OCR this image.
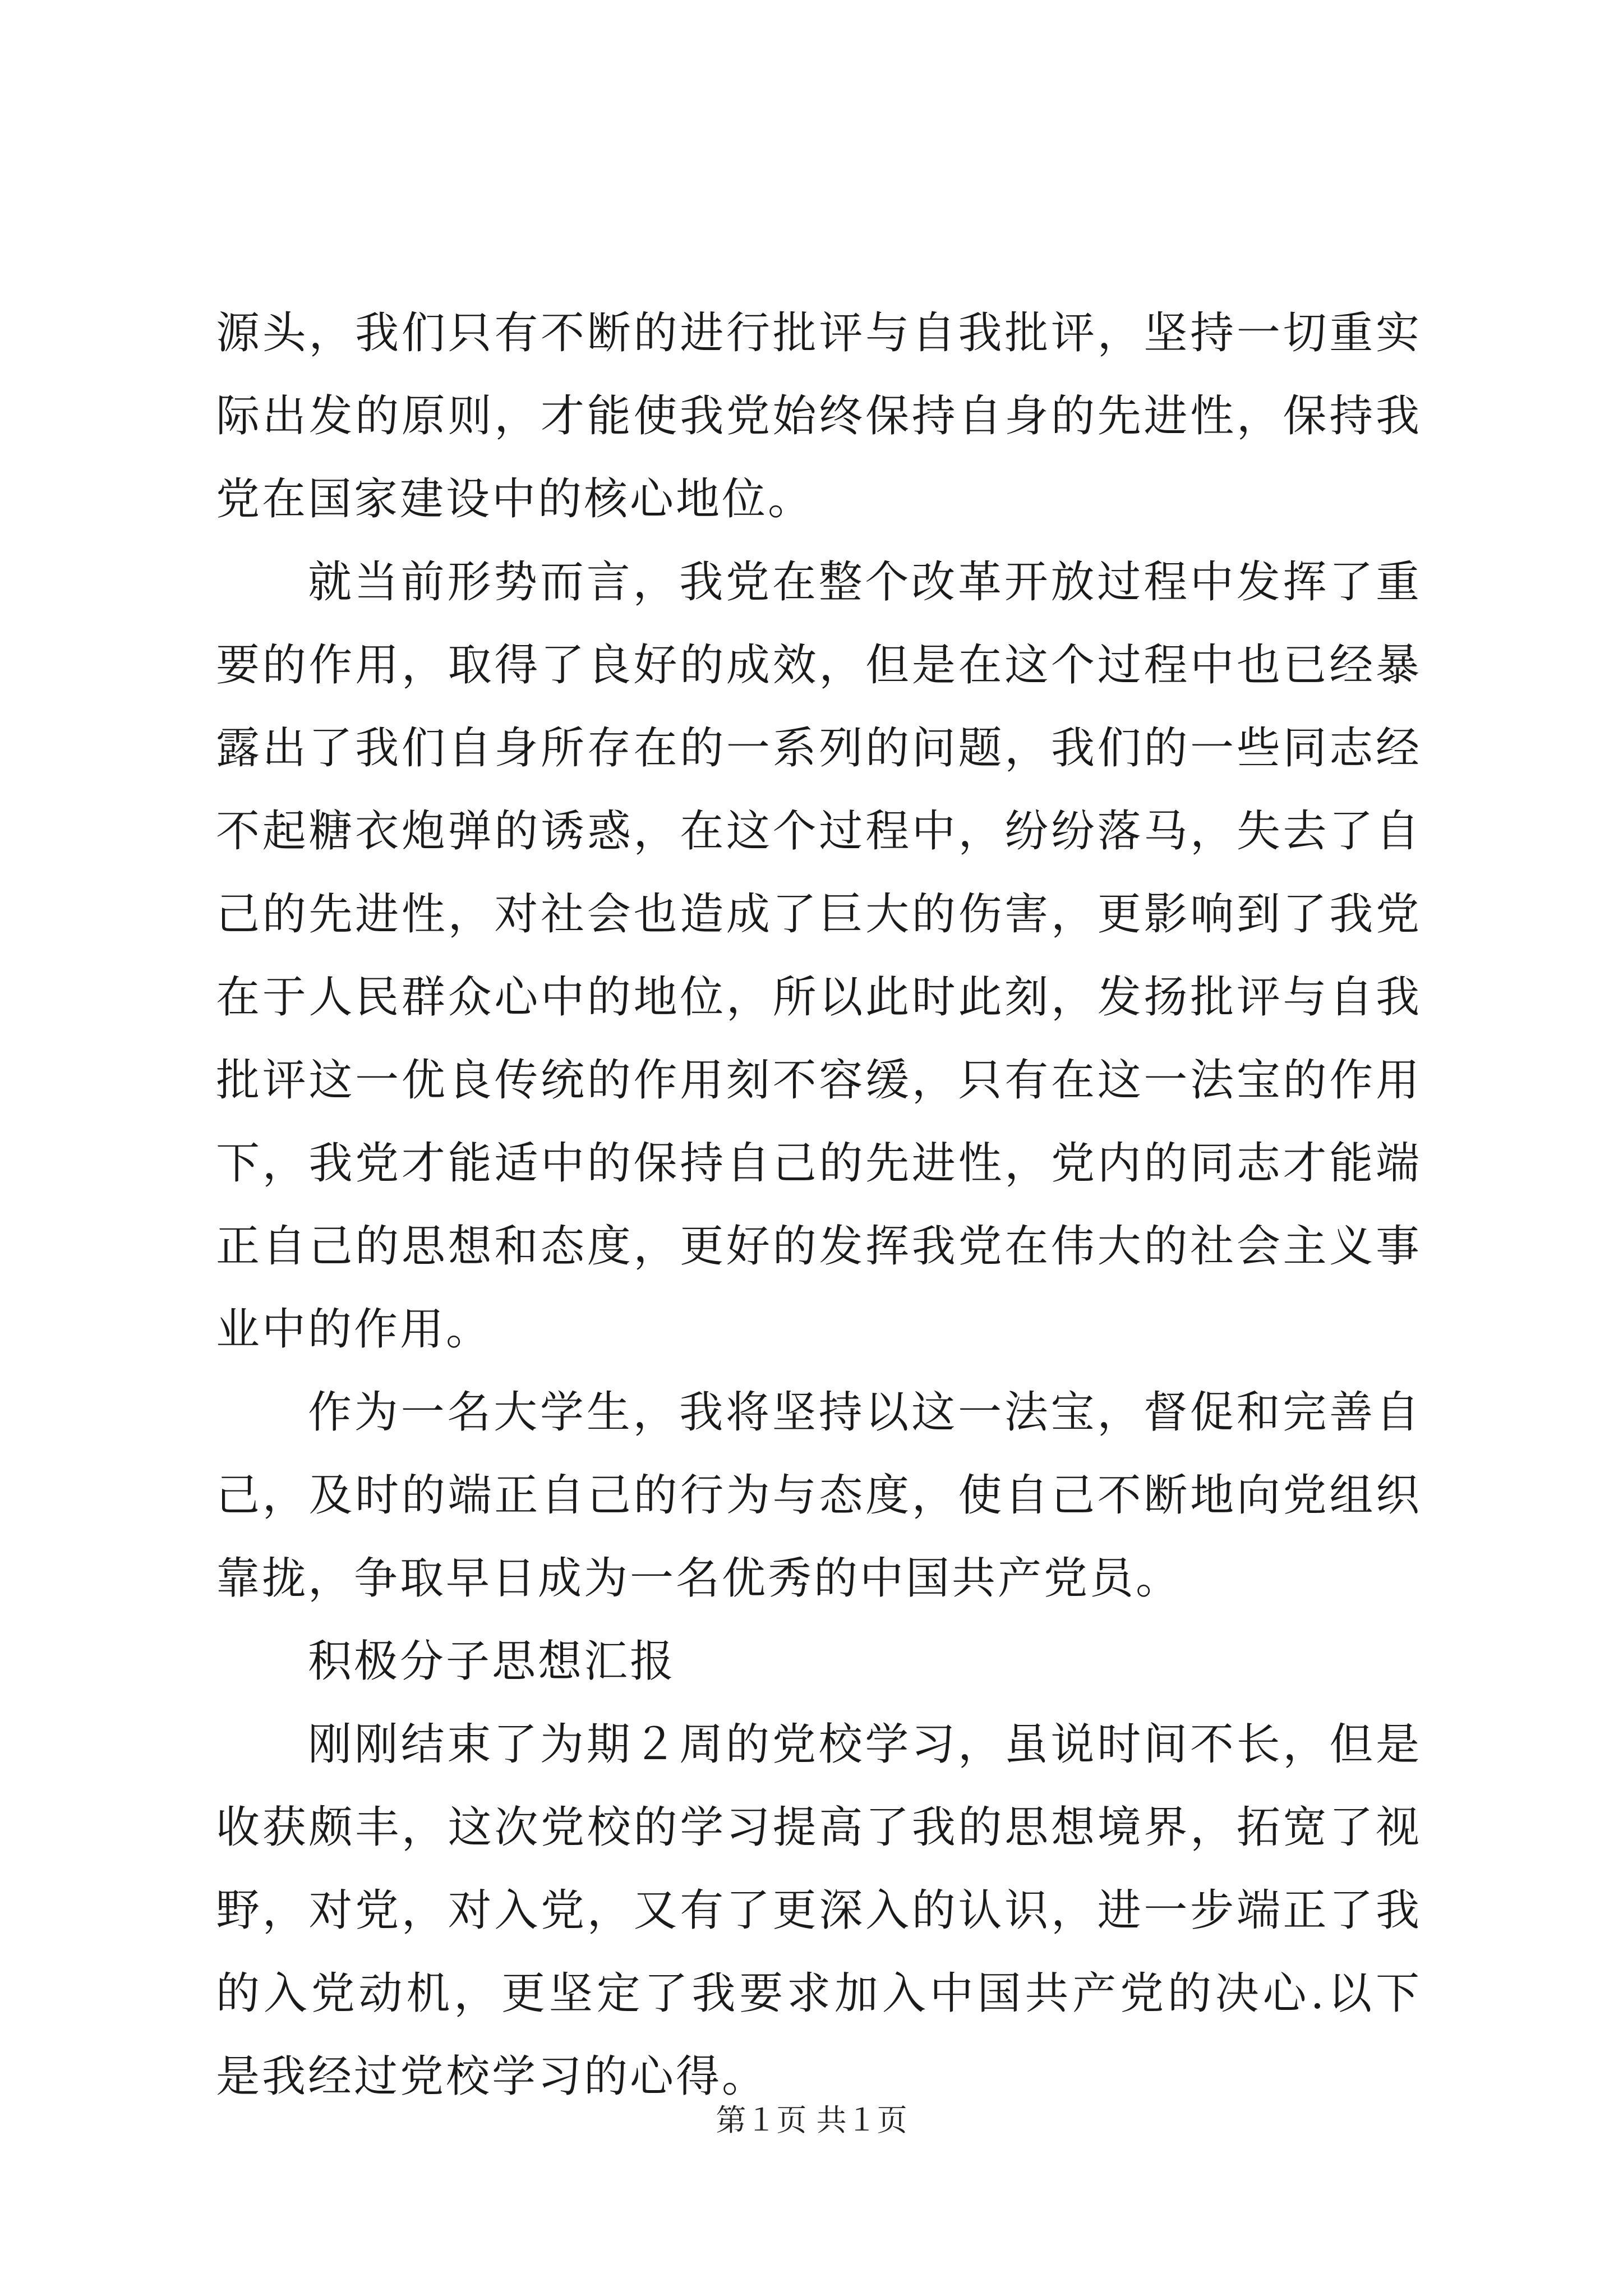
源头，我们只有不断的进行批评与自我批评，坚持一切重实际出发的原则，才能使我党始终保持自身的先进性，保持我党在国家建设中的核心地位。

就当前形势而言，我党在整个改革开放过程中发挥了重要的作用，取得了良好的成效，但是在这个过程中也已经暴露出了我们自身所存在的一系列的问题，我们的一些同志经不起糖衣炮弹的诱惑，在这个过程中，纷纷落马，失去了自己的先进性，对社会也造成了巨大的伤害，更影响到了我党在于人民群众心中的地位，所以此时此刻，发扬批评与自我批评这一优良传统的作用刻不容缓，只有在这一法宝的作用下，我党才能适中的保持自己的先进性，党内的同志才能端正自己的思想和态度，更好的发挥我党在伟大的社会主义事业中的作用。

作为一名大学生，我将坚持以这一法宝，督促和完善自己，及时的端正自己的行为与态度，使自己不断地向党组织靠拢，争取早日成为一名优秀的中国共产党员。

积极分子思想汇报

刚刚结束了为期２周的党校学习，虽说时间不长，但是收获颇丰，这次党校的学习提高了我的思想境界，拓宽了视野，对党，对入党，又有了更深入的认识，进一步端正了我的入党动机，更坚定了我要求加入中国共产党的决心.以下是我经过党校学习的心得。

第１页 共１页
